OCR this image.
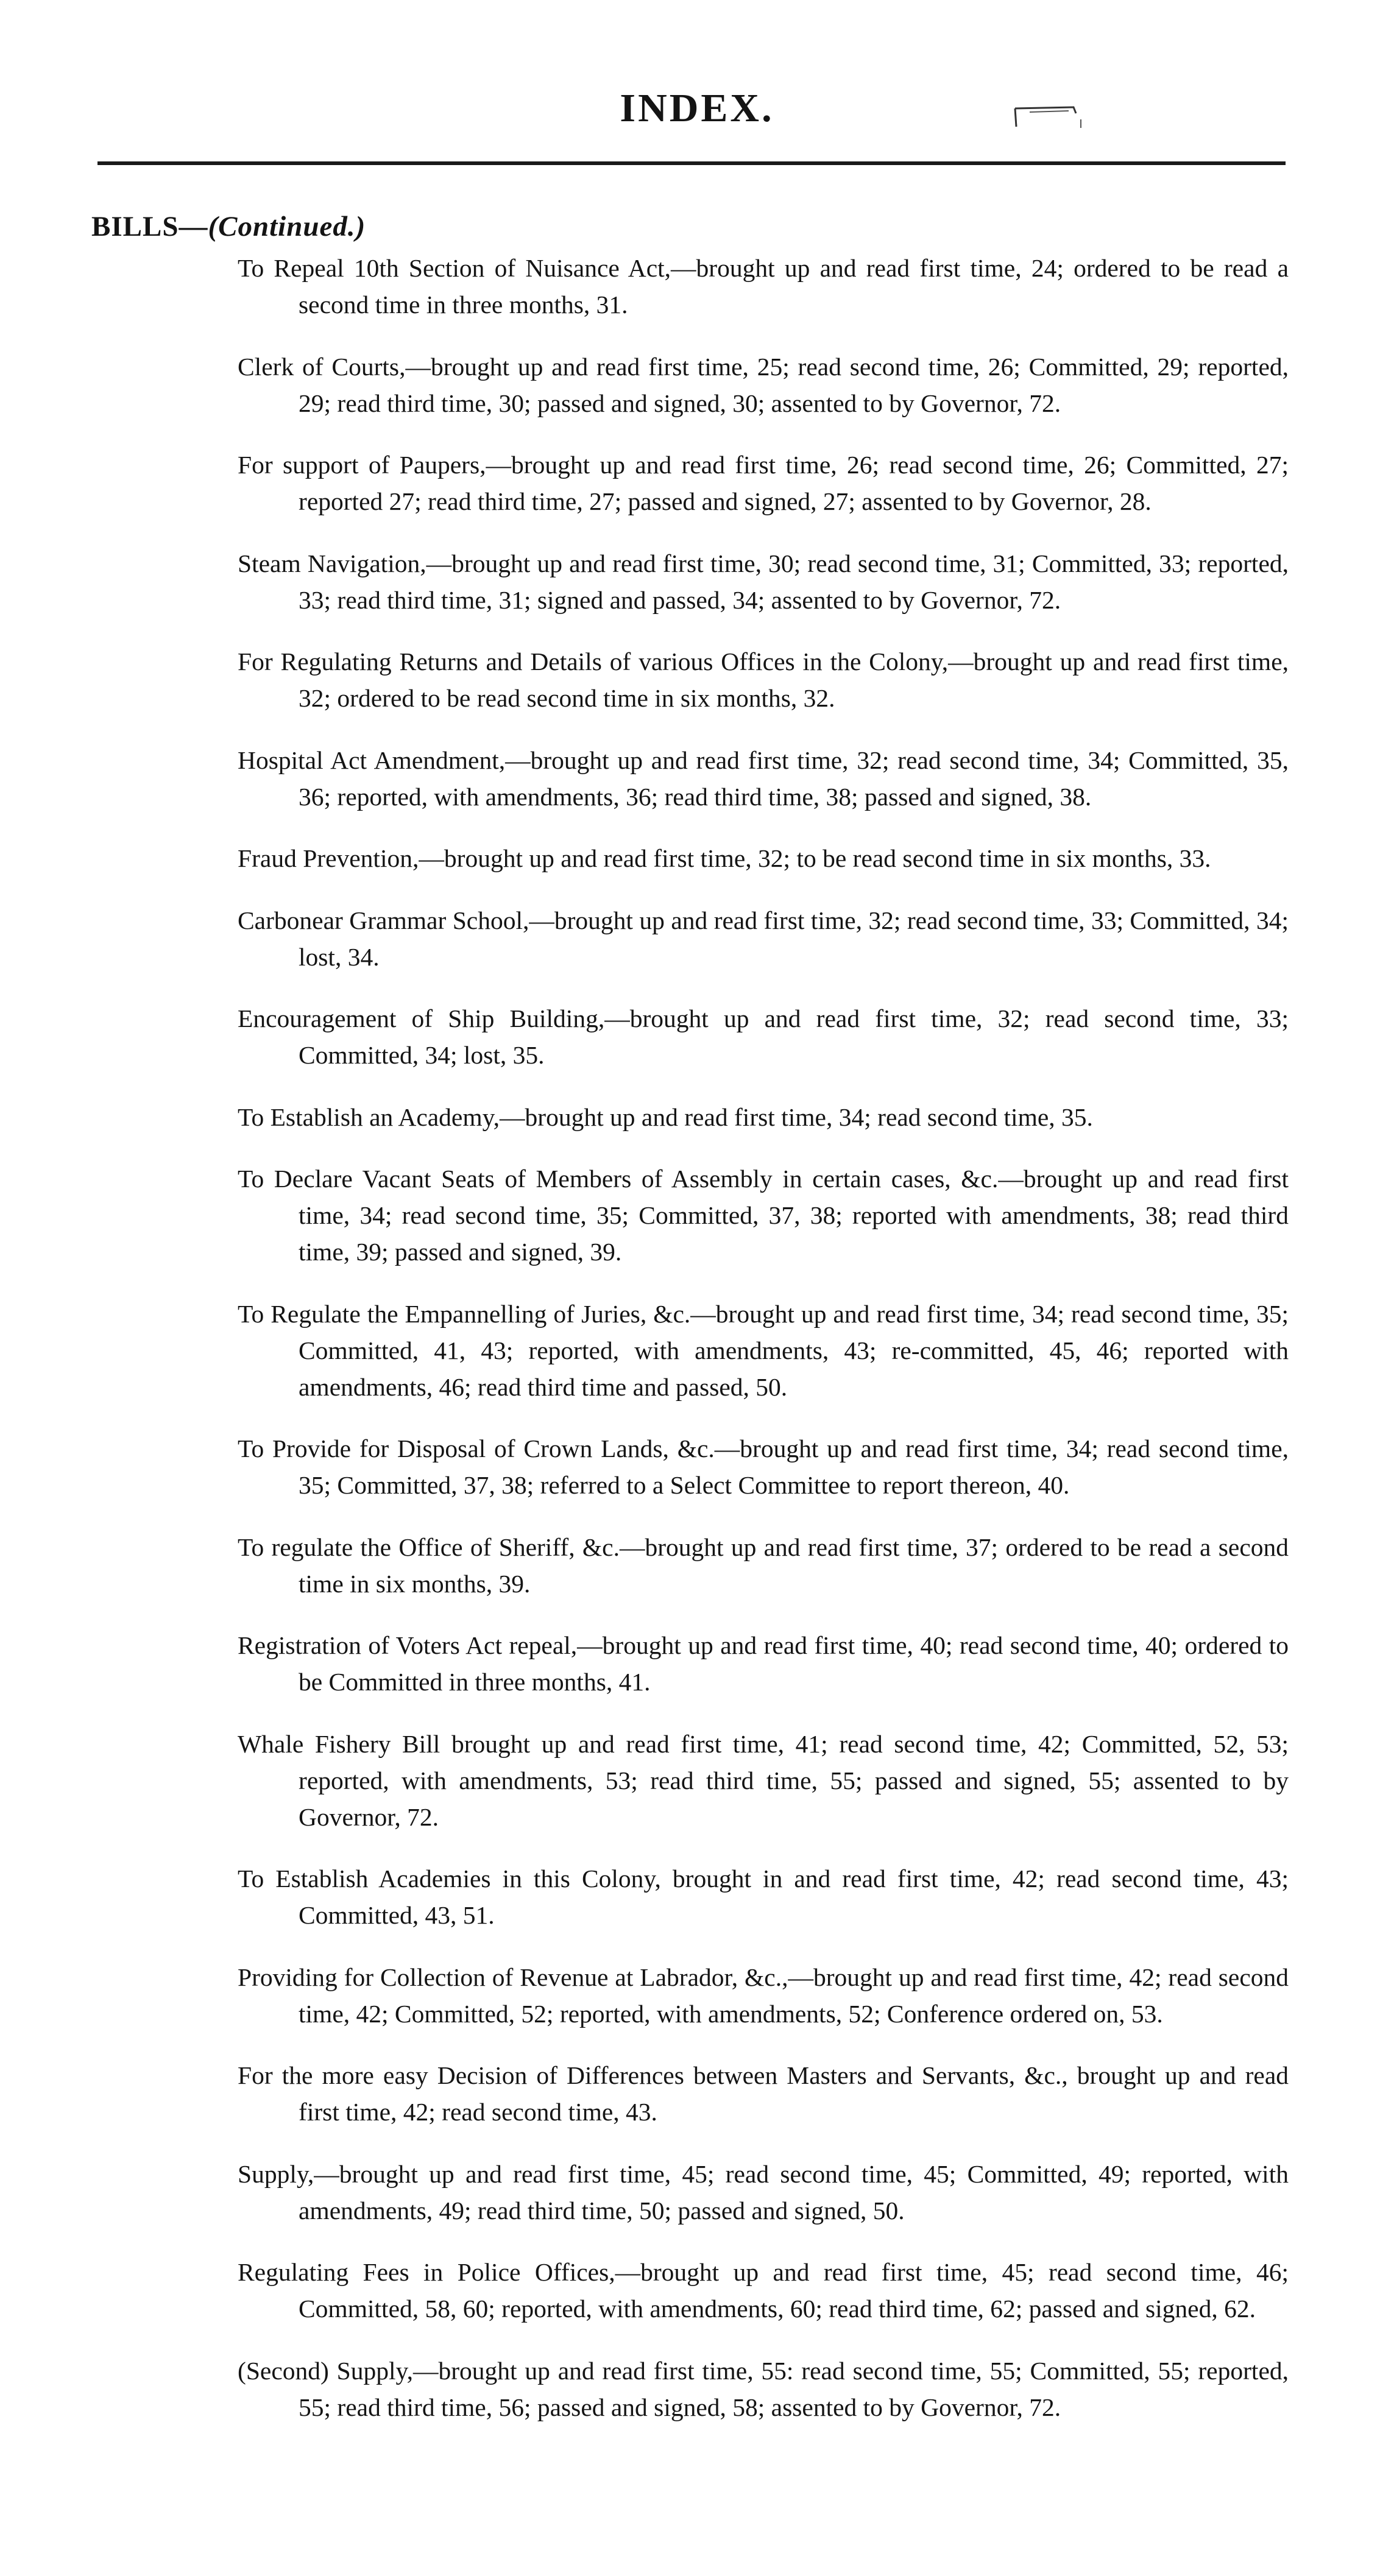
INDEX.
BILLS—(Continued.)

To Repeal 10th Section of Nuisance Act,—brought up and read first time, 24; ordered to be read a second time in three months, 31.

Clerk of Courts,—brought up and read first time, 25; read second time, 26; Committed, 29; reported, 29; read third time, 30; passed and signed, 30; assented to by Governor, 72.

For support of Paupers,—brought up and read first time, 26; read second time, 26; Committed, 27; reported 27; read third time, 27; passed and signed, 27; assented to by Governor, 28.

Steam Navigation,—brought up and read first time, 30; read second time, 31; Committed, 33; reported, 33; read third time, 31; signed and passed, 34; assented to by Governor, 72.

For Regulating Returns and Details of various Offices in the Colony,—brought up and read first time, 32; ordered to be read second time in six months, 32.

Hospital Act Amendment,—brought up and read first time, 32; read second time, 34; Committed, 35, 36; reported, with amendments, 36; read third time, 38; passed and signed, 38.

Fraud Prevention,—brought up and read first time, 32; to be read second time in six months, 33.

Carbonear Grammar School,—brought up and read first time, 32; read second time, 33; Committed, 34; lost, 34.

Encouragement of Ship Building,—brought up and read first time, 32; read second time, 33; Committed, 34; lost, 35.

To Establish an Academy,—brought up and read first time, 34; read second time, 35.

To Declare Vacant Seats of Members of Assembly in certain cases, &c.—brought up and read first time, 34; read second time, 35; Committed, 37, 38; reported with amendments, 38; read third time, 39; passed and signed, 39.

To Regulate the Empannelling of Juries, &c.—brought up and read first time, 34; read second time, 35; Committed, 41, 43; reported, with amendments, 43; re-committed, 45, 46; reported with amendments, 46; read third time and passed, 50.

To Provide for Disposal of Crown Lands, &c.—brought up and read first time, 34; read second time, 35; Committed, 37, 38; referred to a Select Committee to report thereon, 40.

To regulate the Office of Sheriff, &c.—brought up and read first time, 37; ordered to be read a second time in six months, 39.

Registration of Voters Act repeal,—brought up and read first time, 40; read second time, 40; ordered to be Committed in three months, 41.

Whale Fishery Bill brought up and read first time, 41; read second time, 42; Committed, 52, 53; reported, with amendments, 53; read third time, 55; passed and signed, 55; assented to by Governor, 72.

To Establish Academies in this Colony, brought in and read first time, 42; read second time, 43; Committed, 43, 51.

Providing for Collection of Revenue at Labrador, &c.,—brought up and read first time, 42; read second time, 42; Committed, 52; reported, with amendments, 52; Conference ordered on, 53.

For the more easy Decision of Differences between Masters and Servants, &c., brought up and read first time, 42; read second time, 43.

Supply,—brought up and read first time, 45; read second time, 45; Committed, 49; reported, with amendments, 49; read third time, 50; passed and signed, 50.

Regulating Fees in Police Offices,—brought up and read first time, 45; read second time, 46; Committed, 58, 60; reported, with amendments, 60; read third time, 62; passed and signed, 62.

(Second) Supply,—brought up and read first time, 55: read second time, 55; Committed, 55; reported, 55; read third time, 56; passed and signed, 58; assented to by Governor, 72.
